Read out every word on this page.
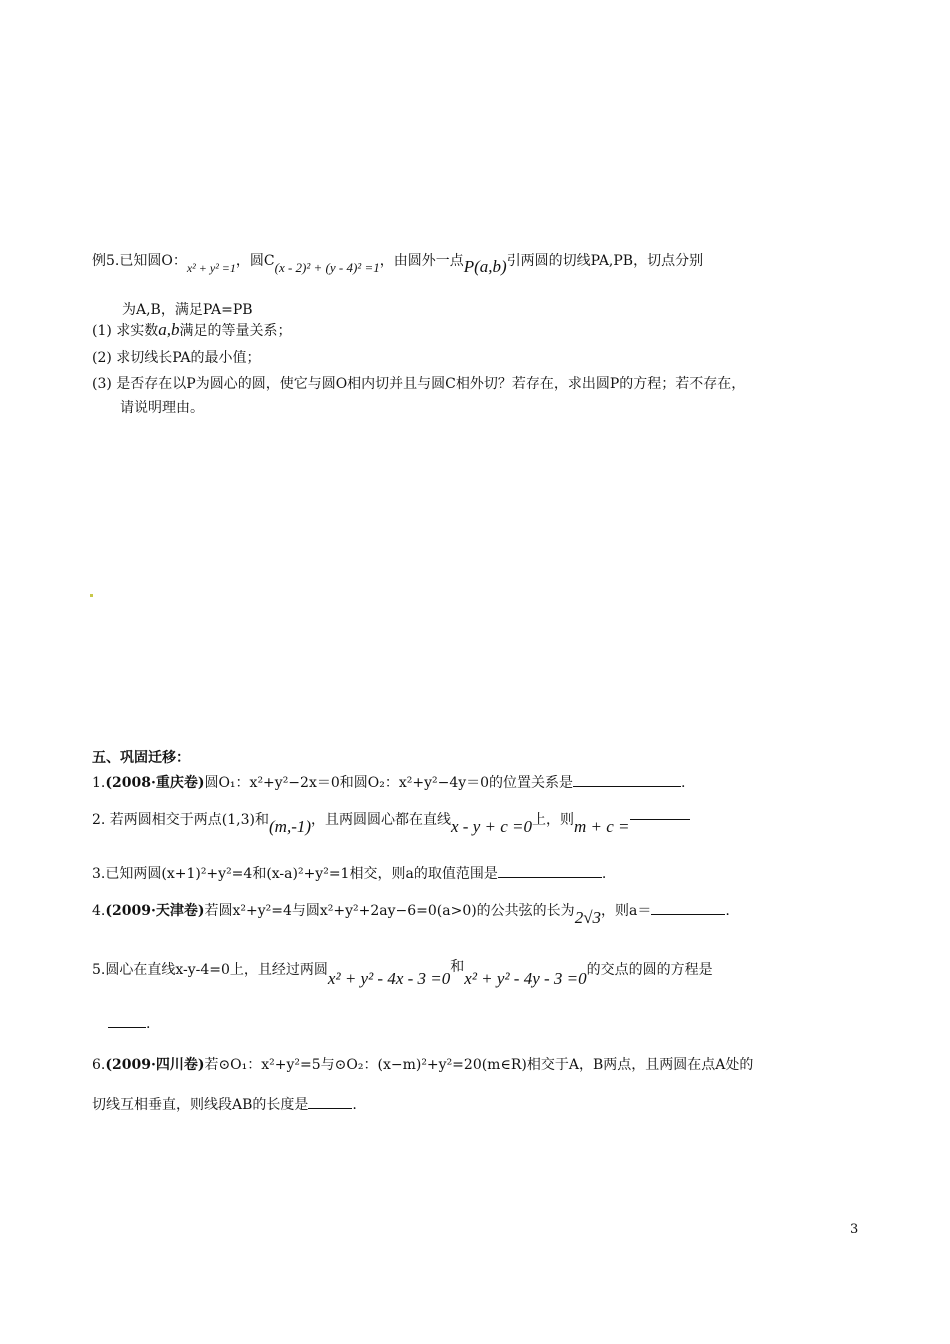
例5.已知圆O：x² + y² =1，圆C(x - 2)² + (y - 4)² =1，由圆外一点P(a,b)引两圆的切线PA,PB，切点分别
为A,B，满足PA=PB
(1) 求实数a,b满足的等量关系；
(2) 求切线长PA的最小值；
(3) 是否存在以P为圆心的圆，使它与圆O相内切并且与圆C相外切？若存在，求出圆P的方程；若不存在，
请说明理由。
五、巩固迁移：
1.(2008·重庆卷)圆O₁：x²+y²−2x＝0和圆O₂：x²+y²−4y＝0的位置关系是	.
2. 若两圆相交于两点(1,3)和(m,-1)，且两圆圆心都在直线x - y + c =0上，则m + c =
3.已知两圆(x+1)²+y²=4和(x-a)²+y²=1相交，则a的取值范围是	.
4.(2009·天津卷)若圆x²+y²=4与圆x²+y²+2ay−6=0(a>0)的公共弦的长为2√3，则a＝	.
5.圆心在直线x-y-4=0上，且经过两圆x² + y² - 4x - 3 =0和x² + y² - 4y - 3 =0的交点的圆的方程是
.
6.(2009·四川卷)若⊙O₁：x²+y²=5与⊙O₂：(x−m)²+y²=20(m∈R)相交于A，B两点，且两圆在点A处的
切线互相垂直，则线段AB的长度是	.
3
